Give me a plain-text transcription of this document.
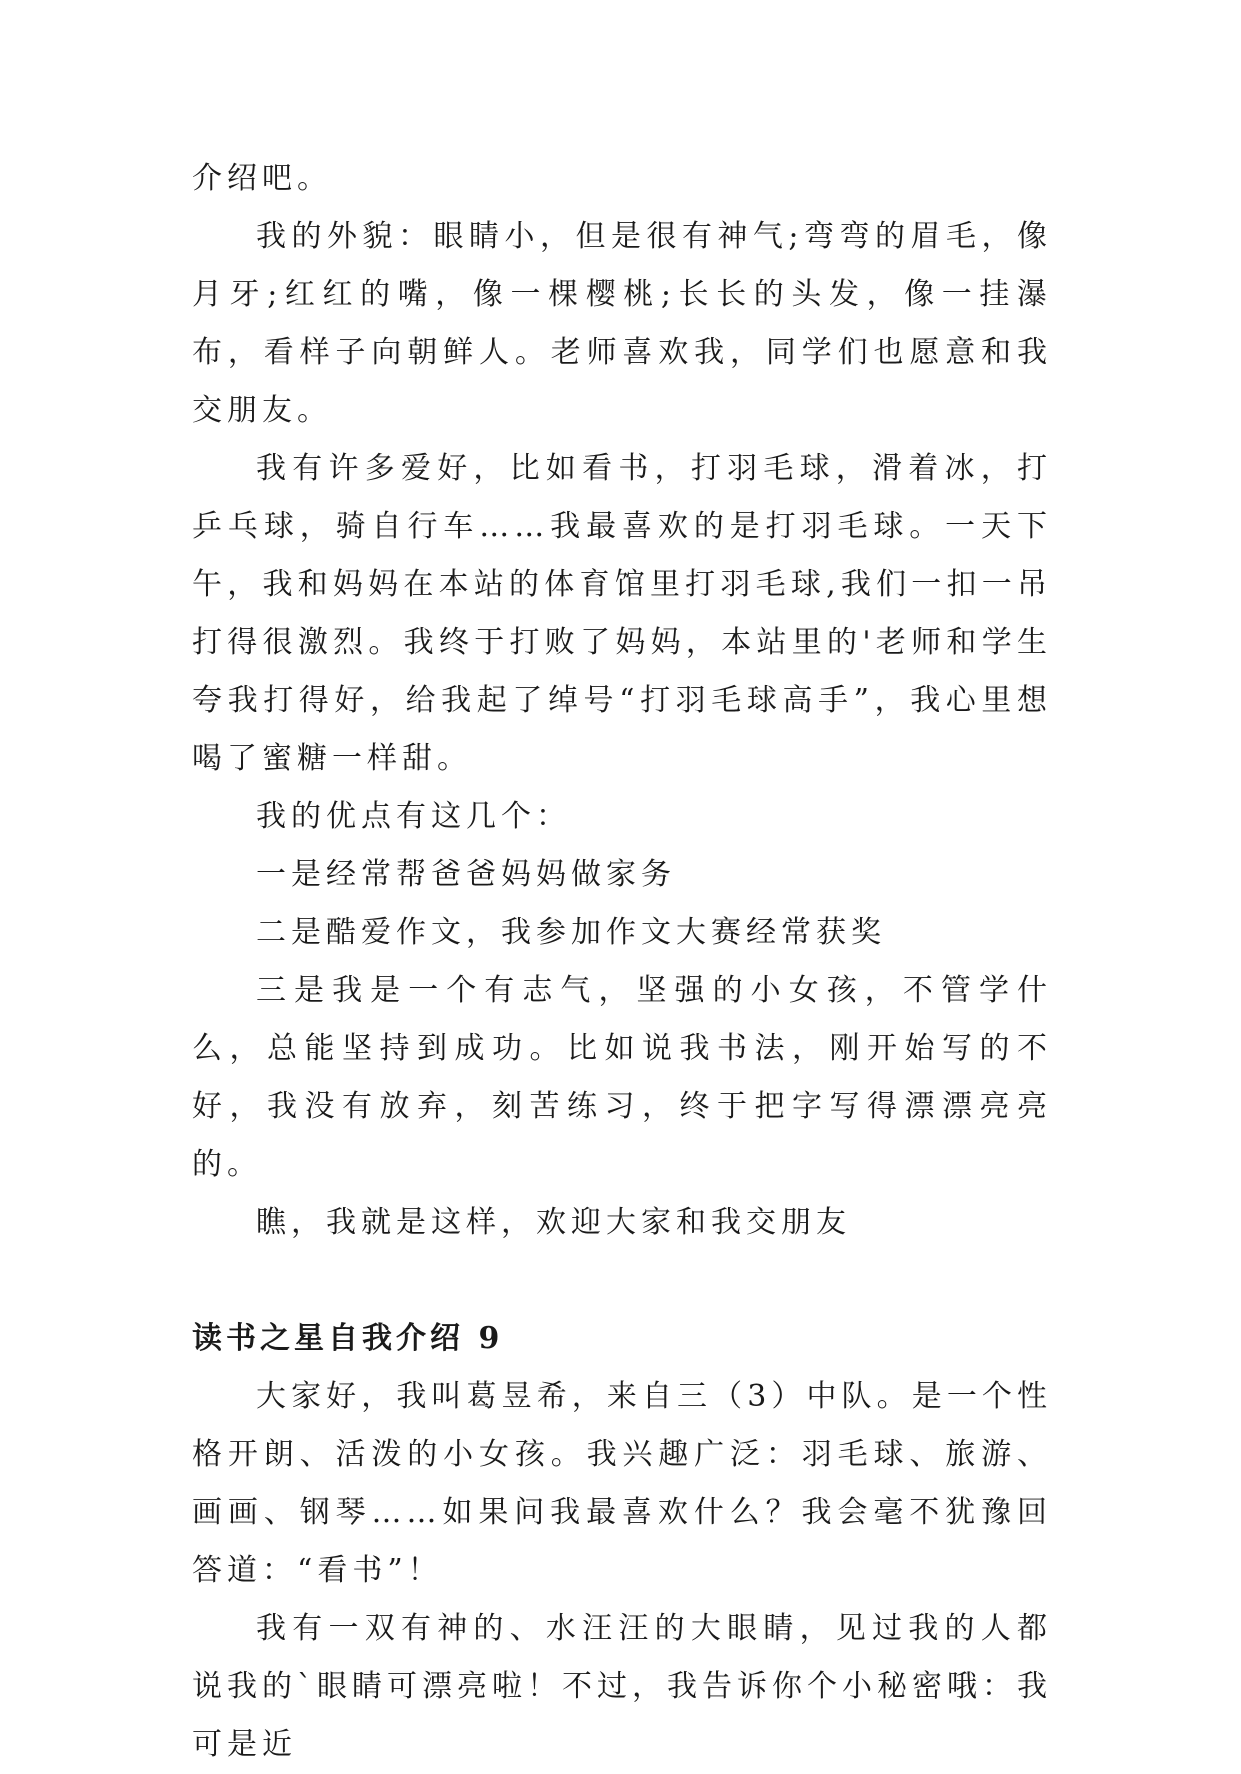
介绍吧。

我的外貌：眼睛小，但是很有神气;弯弯的眉毛，像月牙;红红的嘴，像一棵樱桃;长长的头发，像一挂瀑布，看样子向朝鲜人。老师喜欢我，同学们也愿意和我交朋友。

我有许多爱好，比如看书，打羽毛球，滑着冰，打乒乓球，骑自行车……我最喜欢的是打羽毛球。一天下午，我和妈妈在本站的体育馆里打羽毛球,我们一扣一吊打得很激烈。我终于打败了妈妈，本站里的'老师和学生夸我打得好，给我起了绰号“打羽毛球高手”，我心里想喝了蜜糖一样甜。

我的优点有这几个：

一是经常帮爸爸妈妈做家务

二是酷爱作文，我参加作文大赛经常获奖

三是我是一个有志气，坚强的小女孩，不管学什么，总能坚持到成功。比如说我书法，刚开始写的不好，我没有放弃，刻苦练习，终于把字写得漂漂亮亮的。

瞧，我就是这样，欢迎大家和我交朋友

读书之星自我介绍 9

大家好，我叫葛昱希，来自三（3）中队。是一个性格开朗、活泼的小女孩。我兴趣广泛：羽毛球、旅游、画画、钢琴……如果问我最喜欢什么？我会毫不犹豫回答道：“看书”！

我有一双有神的、水汪汪的大眼睛，见过我的人都说我的`眼睛可漂亮啦！不过，我告诉你个小秘密哦：我可是近
